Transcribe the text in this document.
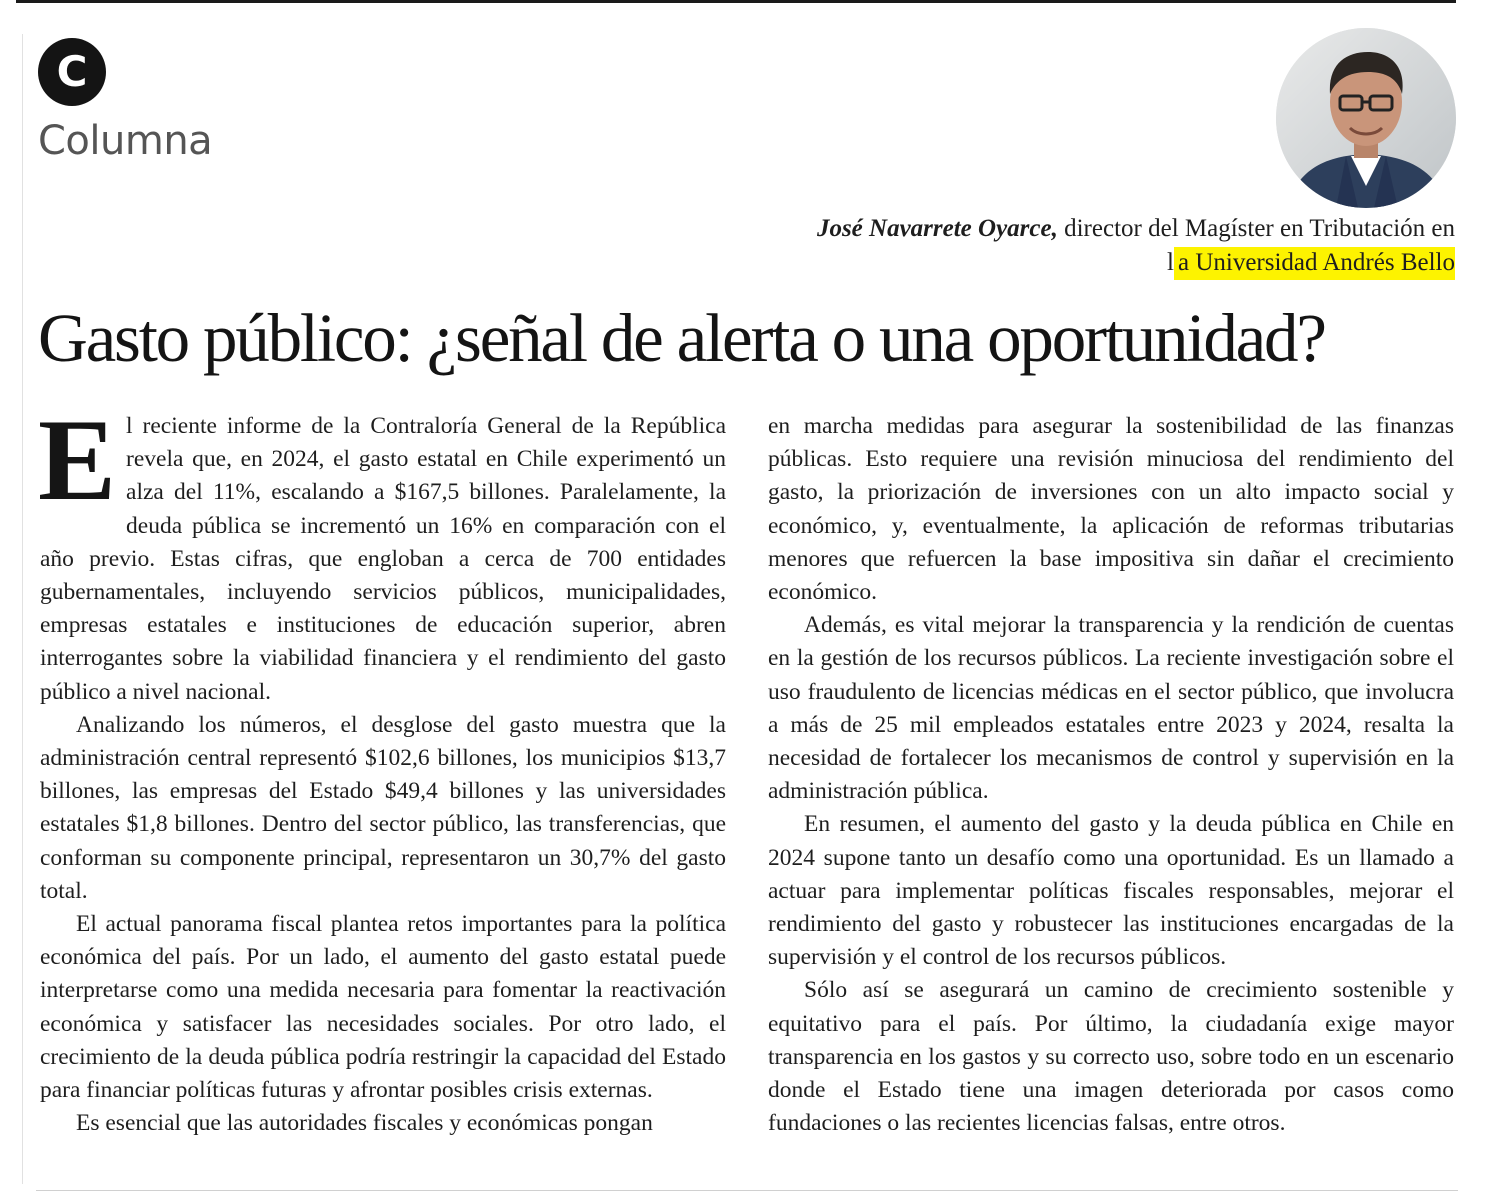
C
Columna
José Navarrete Oyarce, director del Magíster en Tributación en l a Universidad Andrés Bello
Gasto público: ¿señal de alerta o una oportunidad?

El reciente informe de la Contraloría General de la República revela que, en 2024, el gasto estatal en Chile experimentó un alza del 11%, escalando a $167,5 billones. Paralelamente, la deuda pública se incrementó un 16% en comparación con el año previo. Estas cifras, que engloban a cerca de 700 entidades gubernamentales, incluyendo servicios públicos, municipalidades, empresas estatales e instituciones de educación superior, abren interrogantes sobre la viabilidad financiera y el rendimiento del gasto público a nivel nacional.

Analizando los números, el desglose del gasto muestra que la administración central representó $102,6 billones, los municipios $13,7 billones, las empresas del Estado $49,4 billones y las universidades estatales $1,8 billones. Dentro del sector público, las transferencias, que conforman su componente principal, representaron un 30,7% del gasto total.

El actual panorama fiscal plantea retos importantes para la política económica del país. Por un lado, el aumento del gasto estatal puede interpretarse como una medida necesaria para fomentar la reactivación económica y satisfacer las necesidades sociales. Por otro lado, el crecimiento de la deuda pública podría restringir la capacidad del Estado para financiar políticas futuras y afrontar posibles crisis externas.

Es esencial que las autoridades fiscales y económicas pongan

en marcha medidas para asegurar la sostenibilidad de las finanzas públicas. Esto requiere una revisión minuciosa del rendimiento del gasto, la priorización de inversiones con un alto impacto social y económico, y, eventualmente, la aplicación de reformas tributarias menores que refuercen la base impositiva sin dañar el crecimiento económico.

Además, es vital mejorar la transparencia y la rendición de cuentas en la gestión de los recursos públicos. La reciente investigación sobre el uso fraudulento de licencias médicas en el sector público, que involucra a más de 25 mil empleados estatales entre 2023 y 2024, resalta la necesidad de fortalecer los mecanismos de control y supervisión en la administración pública.

En resumen, el aumento del gasto y la deuda pública en Chile en 2024 supone tanto un desafío como una oportunidad. Es un llamado a actuar para implementar políticas fiscales responsables, mejorar el rendimiento del gasto y robustecer las instituciones encargadas de la supervisión y el control de los recursos públicos.

Sólo así se asegurará un camino de crecimiento sostenible y equitativo para el país. Por último, la ciudadanía exige mayor transparencia en los gastos y su correcto uso, sobre todo en un escenario donde el Estado tiene una imagen deteriorada por casos como fundaciones o las recientes licencias falsas, entre otros.
